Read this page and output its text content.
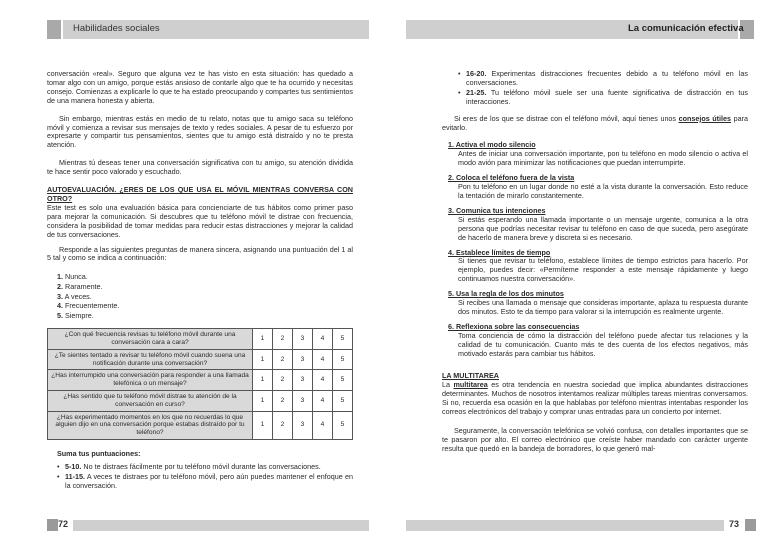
Habilidades sociales

conversación «real». Seguro que alguna vez te has visto en esta situación: has quedado a tomar algo con un amigo, porque estás ansioso de contarle algo que te ha ocurrido y necesitas consejo. Comienzas a explicarle lo que te ha estado preocupando y compartes tus sentimientos de una manera honesta y abierta.

Sin embargo, mientras estás en medio de tu relato, notas que tu amigo saca su teléfono móvil y comienza a revisar sus mensajes de texto y redes sociales. A pesar de tu esfuerzo por expresarte y compartir tus pensamientos, sientes que tu amigo está distraído y no te presta atención.

Mientras tú deseas tener una conversación significativa con tu amigo, su atención dividida te hace sentir poco valorado y escuchado.

AUTOEVALUACIÓN. ¿ERES DE LOS QUE USA EL MÓVIL MIENTRAS CONVERSA CON OTRO?
Este test es solo una evaluación básica para concienciarte de tus hábitos como primer paso para mejorar la comunicación. Si descubres que tu teléfono móvil te distrae con frecuencia, considera la posibilidad de tomar medidas para reducir estas distracciones y mejorar la calidad de tus conversaciones.

Responde a las siguientes preguntas de manera sincera, asignando una puntuación del 1 al 5 tal y como se indica a continuación:

1. Nunca.
2. Raramente.
3. A veces.
4. Frecuentemente.
5. Siempre.
¿Con qué frecuencia revisas tu teléfono móvil durante una conversación cara a cara?	1	2	3	4	5
¿Te sientes tentado a revisar tu teléfono móvil cuando suena una notificación durante una conversación?	1	2	3	4	5
¿Has interrumpido una conversación para responder a una llamada telefónica o un mensaje?	1	2	3	4	5
¿Has sentido que tu teléfono móvil distrae tu atención de la conversación en curso?	1	2	3	4	5
¿Has experimentado momentos en los que no recuerdas lo que alguien dijo en una conversación porque estabas distraído por tu teléfono?	1	2	3	4	5

Suma tus puntuaciones:

• 5-10. No te distraes fácilmente por tu teléfono móvil durante las conversaciones.
• 11-15. A veces te distraes por tu teléfono móvil, pero aún puedes mantener el enfoque en la conversación.
72
La comunicación efectiva
• 16-20. Experimentas distracciones frecuentes debido a tu teléfono móvil en las conversaciones.
• 21-25. Tu teléfono móvil suele ser una fuente significativa de distracción en tus interacciones.

Si eres de los que se distrae con el teléfono móvil, aquí tienes unos consejos útiles para evitarlo.

1. Activa el modo silencio
Antes de iniciar una conversación importante, pon tu teléfono en modo silencio o activa el modo avión para minimizar las notificaciones que puedan interrumpirte.
2. Coloca el teléfono fuera de la vista
Pon tu teléfono en un lugar donde no esté a la vista durante la conversación. Esto reduce la tentación de mirarlo constantemente.
3. Comunica tus intenciones
Si estás esperando una llamada importante o un mensaje urgente, comunica a la otra persona que podrías necesitar revisar tu teléfono en caso de que suceda, pero asegúrate de hacerlo de manera breve y discreta si es necesario.
4. Establece límites de tiempo
Si tienes que revisar tu teléfono, establece límites de tiempo estrictos para hacerlo. Por ejemplo, puedes decir: «Permíteme responder a este mensaje rápidamente y luego continuamos nuestra conversación».
5. Usa la regla de los dos minutos
Si recibes una llamada o mensaje que consideras importante, aplaza tu respuesta durante dos minutos. Esto te da tiempo para valorar si la interrupción es realmente urgente.
6. Reflexiona sobre las consecuencias
Toma conciencia de cómo la distracción del teléfono puede afectar tus relaciones y la calidad de tu comunicación. Cuanto más te des cuenta de los efectos negativos, más motivado estarás para cambiar tus hábitos.

LA MULTITAREA
La multitarea es otra tendencia en nuestra sociedad que implica abundantes distracciones determinantes. Muchos de nosotros intentamos realizar múltiples tareas mientras conversamos. Si no, recuerda esa ocasión en la que hablabas por teléfono mientras intentabas responder los correos electrónicos del trabajo y comprar unas entradas para un concierto por internet.

Seguramente, la conversación telefónica se volvió confusa, con detalles importantes que se te pasaron por alto. El correo electrónico que creíste haber mandado con carácter urgente resulta que quedó en la bandeja de borradores, lo que generó mal-

73
